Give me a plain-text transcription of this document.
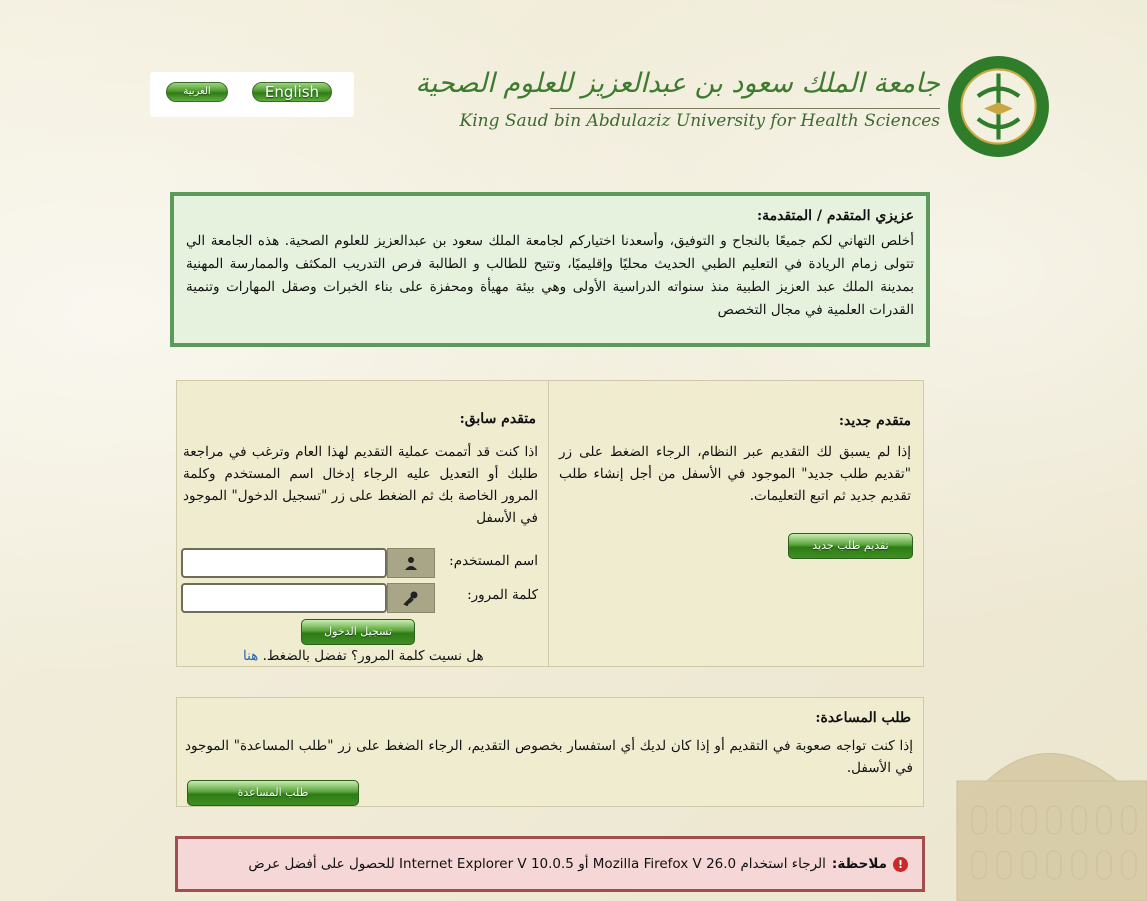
العربية	English	جامعة الملك سعود بن عبدالعزيز للعلوم الصحية
King Saud bin Abdulaziz University for Health Sciences
عزيزي المتقدم / المتقدمة:
أخلص التهاني لكم جميعًا بالنجاح و التوفيق، وأسعدنا اختياركم لجامعة الملك سعود بن عبدالعزيز للعلوم الصحية. هذه الجامعة الي تتولى زمام الريادة في التعليم الطبي الحديث محليًا وإقليميًا، وتتيح للطالب و الطالبة فرص التدريب المكثف والممارسة المهنية بمدينة الملك عبد العزيز الطبية منذ سنواته الدراسية الأولى وهي بيئة مهيأة ومحفزة على بناء الخبرات وصقل المهارات وتنمية القدرات العلمية في مجال التخصص
متقدم جديد:
إذا لم يسبق لك التقديم عبر النظام، الرجاء الضغط على زر "تقديم طلب جديد" الموجود في الأسفل من أجل إنشاء طلب تقديم جديد ثم اتبع التعليمات.
تقديم طلب جديد
متقدم سابق:
اذا كنت قد أتممت عملية التقديم لهذا العام وترغب في مراجعة طلبك أو التعديل عليه الرجاء إدخال اسم المستخدم وكلمة المرور الخاصة بك ثم الضغط على زر "تسجيل الدخول" الموجود في الأسفل
اسم المستخدم:
كلمة المرور:
تسجيل الدخول
هل نسيت كلمة المرور؟ تفضل بالضغط. هنا
طلب المساعدة:
إذا كنت تواجه صعوبة في التقديم أو إذا كان لديك أي استفسار بخصوص التقديم، الرجاء الضغط على زر "طلب المساعدة" الموجود في الأسفل.
طلب المساعدة
!
ملاحظة:
الرجاء استخدام

Mozilla Firefox V 26.0

أو

Internet Explorer V 10.0.5

للحصول على أفضل عرض
